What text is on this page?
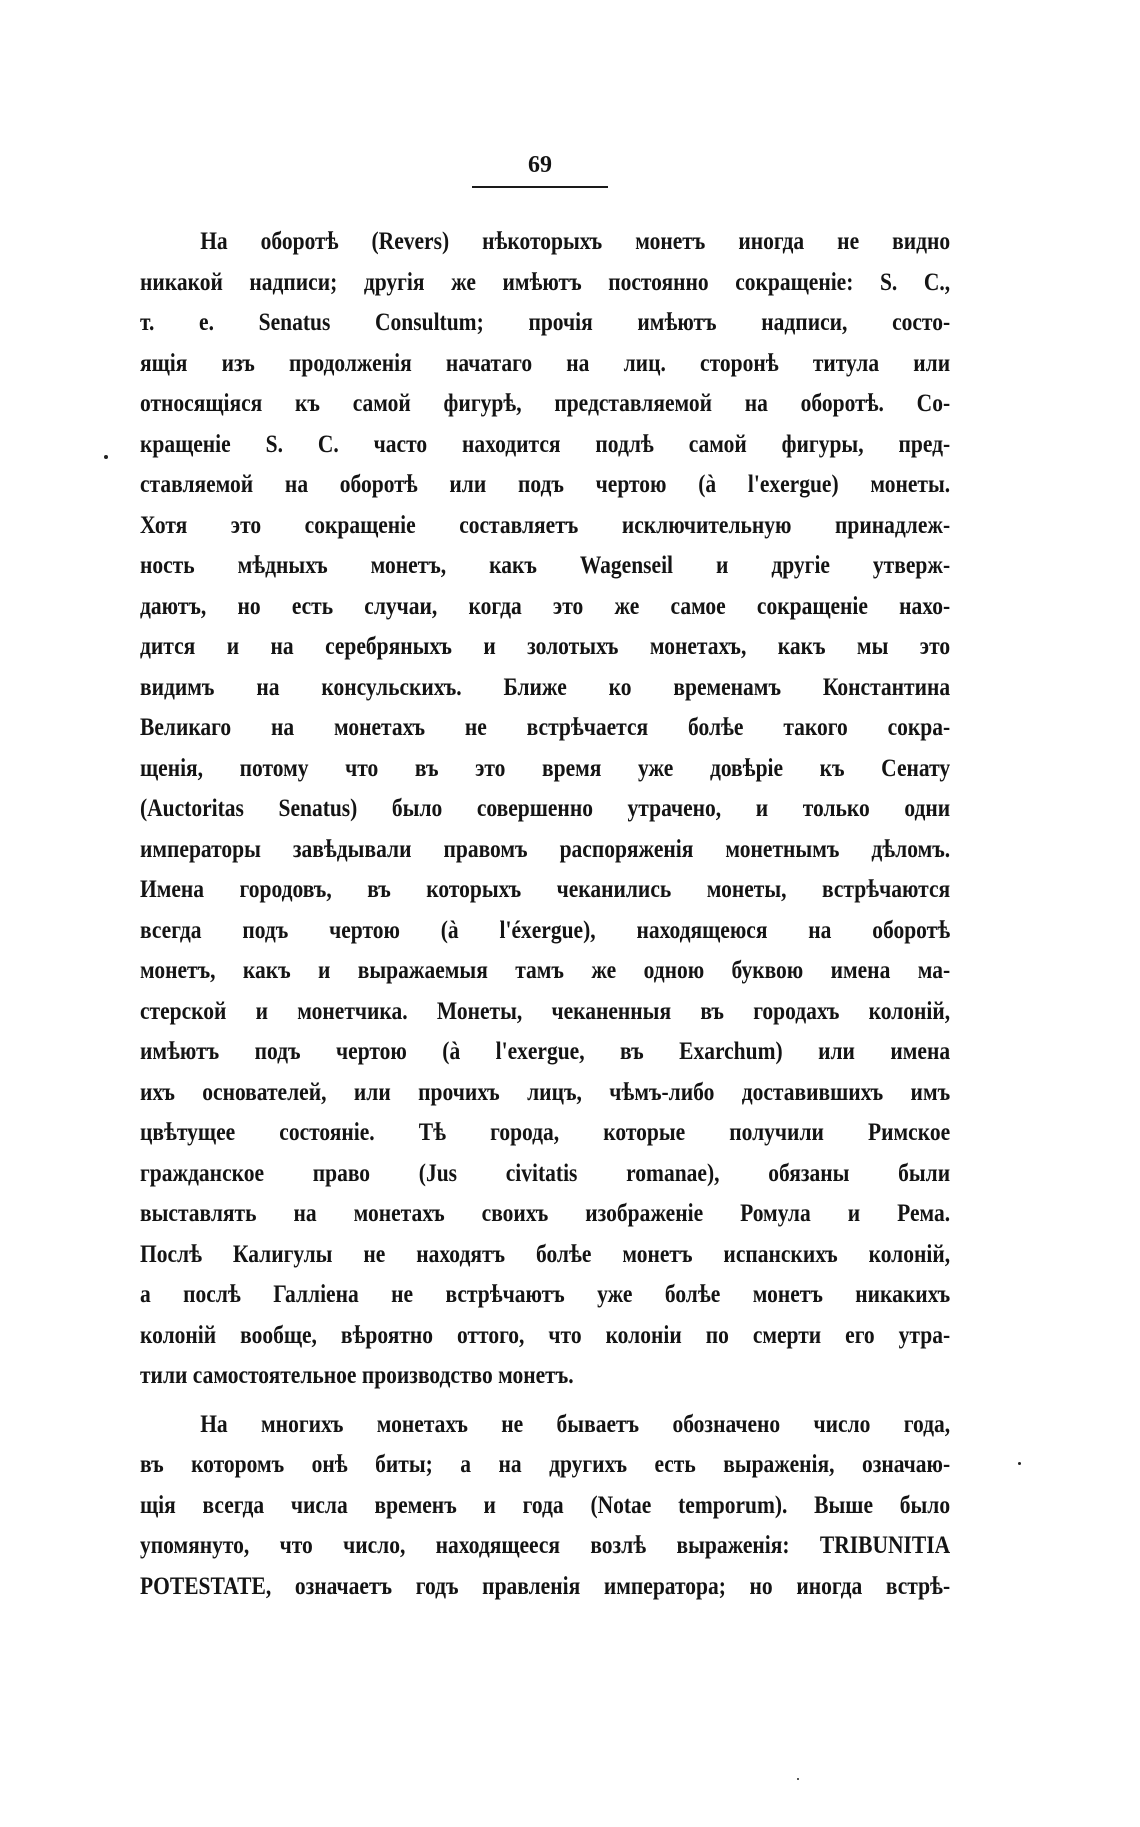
69
На оборотѣ (Revers) нѣкоторыхъ монетъ иногда не видно
никакой надписи; другія же имѣютъ постоянно сокращеніе: S. C.,
т. е. Senatus Consultum; прочія имѣютъ надписи, состо-
ящія изъ продолженія начатаго на лиц. сторонѣ титула или
относящіяся къ самой фигурѣ, представляемой на оборотѣ. Со-
кращеніе S. C. часто находится подлѣ самой фигуры, пред-
ставляемой на оборотѣ или подъ чертою (à l'exergue) монеты.
Хотя это сокращеніе составляетъ исключительную принадлеж-
ность мѣдныхъ монетъ, какъ Wagenseil и другіе утверж-
даютъ, но есть случаи, когда это же самое сокращеніе нахо-
дится и на серебряныхъ и золотыхъ монетахъ, какъ мы это
видимъ на консульскихъ. Ближе ко временамъ Константина
Великаго на монетахъ не встрѣчается болѣе такого сокра-
щенія, потому что въ это время уже довѣріе къ Сенату
(Auctoritas Senatus) было совершенно утрачено, и только одни
императоры завѣдывали правомъ распоряженія монетнымъ дѣломъ.
Имена городовъ, въ которыхъ чеканились монеты, встрѣчаются
всегда подъ чертою (à l'éxergue), находящеюся на оборотѣ
монетъ, какъ и выражаемыя тамъ же одною буквою имена ма-
стерской и монетчика. Монеты, чеканенныя въ городахъ колоній,
имѣютъ подъ чертою (à l'exergue, въ Exarchum) или имена
ихъ основателей, или прочихъ лицъ, чѣмъ-либо доставившихъ имъ
цвѣтущее состояніе. Тѣ города, которые получили Римское
гражданское право (Jus civitatis romanae), обязаны были
выставлять на монетахъ своихъ изображеніе Ромула и Рема.
Послѣ Калигулы не находятъ болѣе монетъ испанскихъ колоній,
а послѣ Галліена не встрѣчаютъ уже болѣе монетъ никакихъ
колоній вообще, вѣроятно оттого, что колоніи по смерти его утра-
тили самостоятельное производство монетъ.
На многихъ монетахъ не бываетъ обозначено число года,
въ которомъ онѣ биты; а на другихъ есть выраженія, означаю-
щія всегда числа временъ и года (Notae temporum). Выше было
упомянуто, что число, находящееся возлѣ выраженія: TRIBUNITIA
POTESTATE, означаетъ годъ правленія императора; но иногда встрѣ-
